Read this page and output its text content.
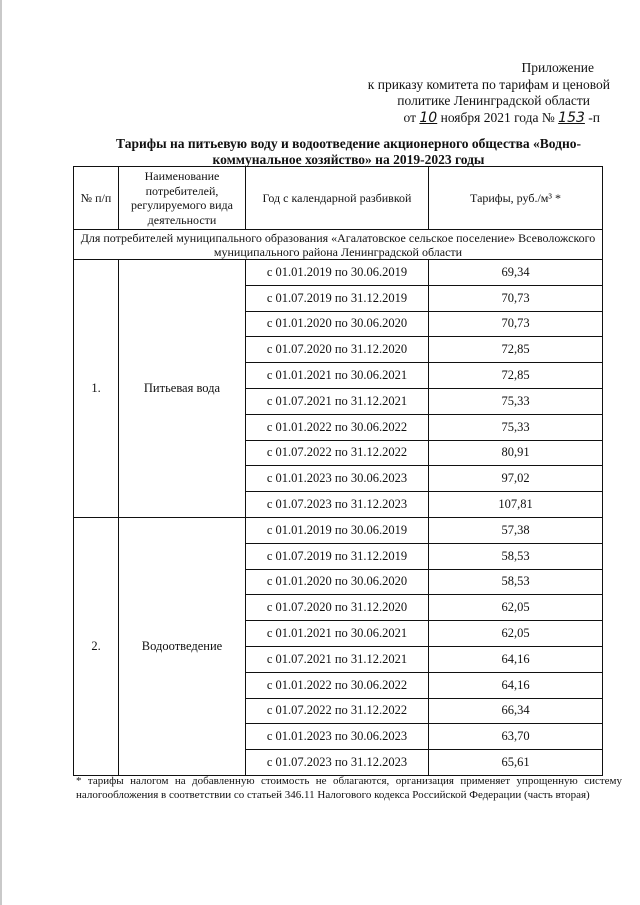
Приложение
к приказу комитета по тарифам и ценовой
политике Ленинградской области
от 10 ноября 2021 года № 153 -п
Тарифы на питьевую воду и водоотведение акционерного общества «Водно-коммунальное хозяйство» на 2019-2023 годы
№ п/п	Наименование потребителей, регулируемого вида деятельности	Год с календарной разбивкой	Тарифы, руб./м³ *
Для потребителей муниципального образования «Агалатовское сельское поселение» Всеволожского муниципального района Ленинградской области			
1.	Питьевая вода	с 01.01.2019 по 30.06.2019	69,34
		с 01.07.2019 по 31.12.2019	70,73
		с 01.01.2020 по 30.06.2020	70,73
		с 01.07.2020 по 31.12.2020	72,85
		с 01.01.2021 по 30.06.2021	72,85
		с 01.07.2021 по 31.12.2021	75,33
		с 01.01.2022 по 30.06.2022	75,33
		с 01.07.2022 по 31.12.2022	80,91
		с 01.01.2023 по 30.06.2023	97,02
		с 01.07.2023 по 31.12.2023	107,81
2.	Водоотведение	с 01.01.2019 по 30.06.2019	57,38
		с 01.07.2019 по 31.12.2019	58,53
		с 01.01.2020 по 30.06.2020	58,53
		с 01.07.2020 по 31.12.2020	62,05
		с 01.01.2021 по 30.06.2021	62,05
		с 01.07.2021 по 31.12.2021	64,16
		с 01.01.2022 по 30.06.2022	64,16
		с 01.07.2022 по 31.12.2022	66,34
		с 01.01.2023 по 30.06.2023	63,70
		с 01.07.2023 по 31.12.2023	65,61
* тарифы налогом на добавленную стоимость не облагаются, организация применяет упрощенную систему налогообложения в соответствии со статьей 346.11 Налогового кодекса Российской Федерации (часть вторая)
